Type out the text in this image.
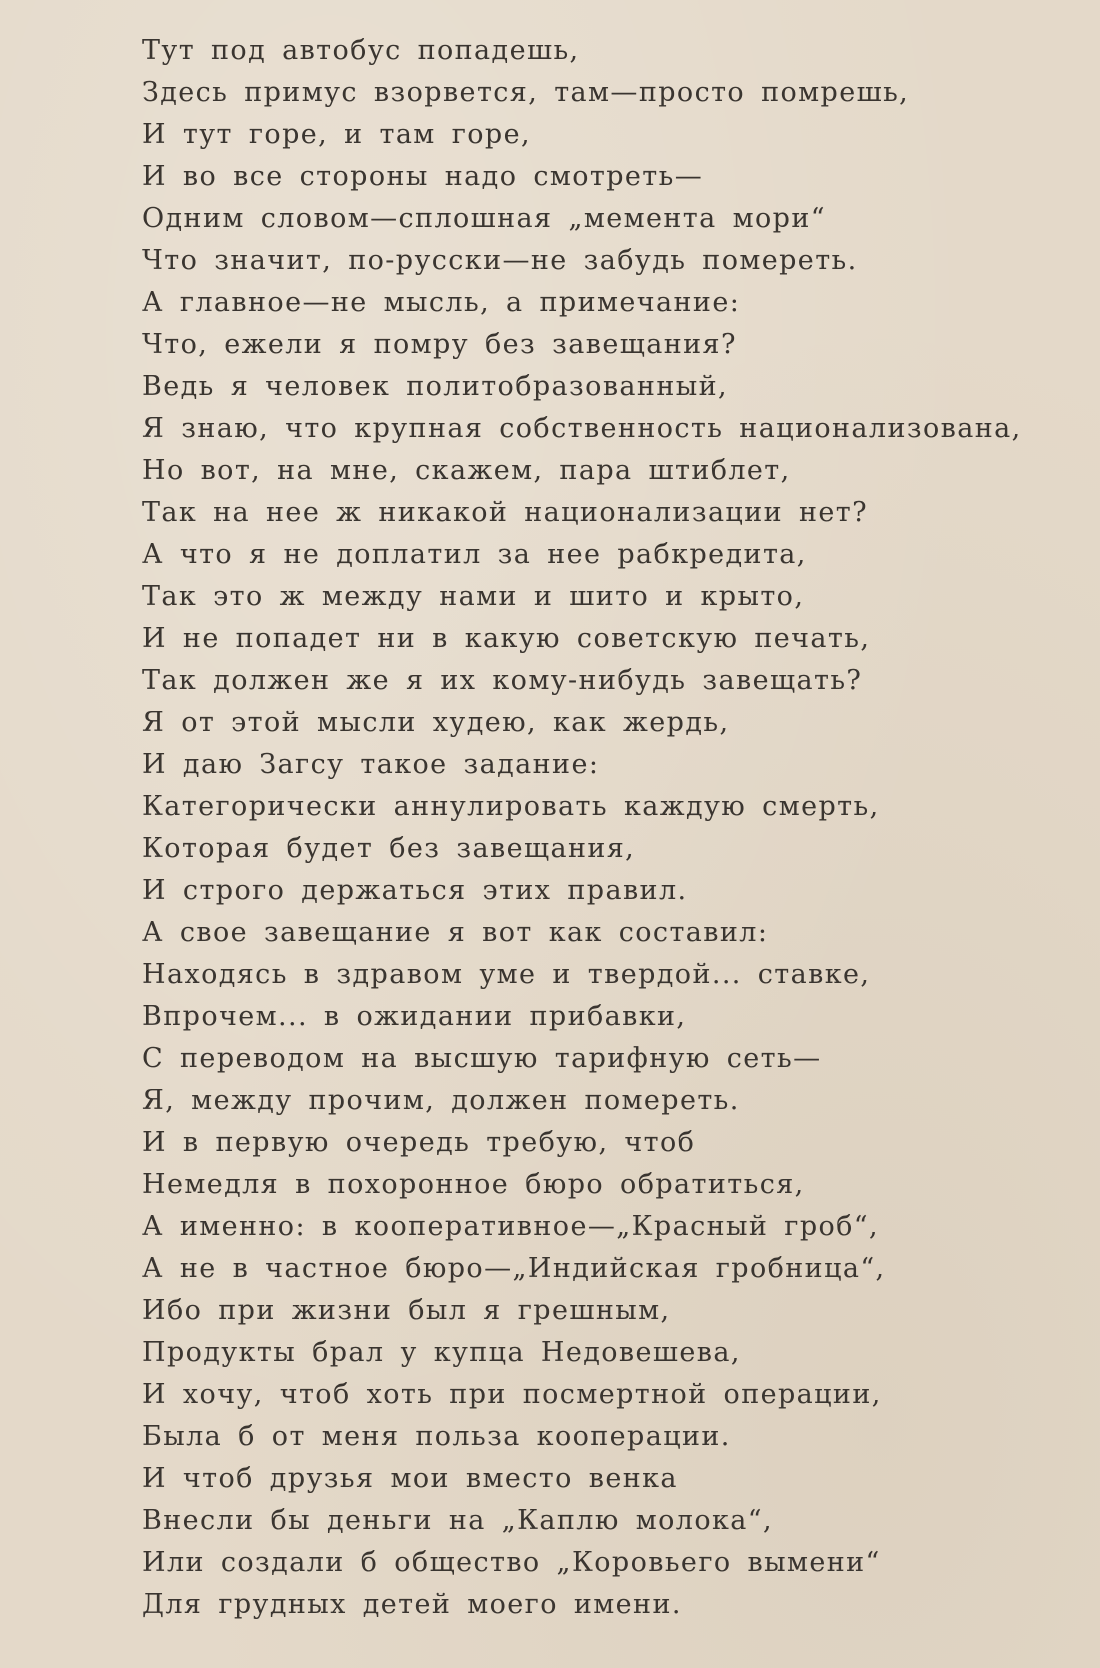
Тут под автобус попадешь,
Здесь примус взорвется, там—просто помрешь,
И тут горе, и там горе,
И во все стороны надо смотреть—
Одним словом—сплошная „мемента мори“
Что значит, по-русски—не забудь помереть.
А главное—не мысль, а примечание:
Что, ежели я помру без завещания?
Ведь я человек политобразованный,
Я знаю, что крупная собственность национализована,
Но вот, на мне, скажем, пара штиблет,
Так на нее ж никакой национализации нет?
А что я не доплатил за нее рабкредита,
Так это ж между нами и шито и крыто,
И не попадет ни в какую советскую печать,
Так должен же я их кому-нибудь завещать?
Я от этой мысли худею, как жердь,
И даю Загсу такое задание:
Категорически аннулировать каждую смерть,
Которая будет без завещания,
И строго держаться этих правил.
А свое завещание я вот как составил:
Находясь в здравом уме и твердой... ставке,
Впрочем... в ожидании прибавки,
С переводом на высшую тарифную сеть—
Я, между прочим, должен помереть.
И в первую очередь требую, чтоб
Немедля в похоронное бюро обратиться,
А именно: в кооперативное—„Красный гроб“,
А не в частное бюро—„Индийская гробница“,
Ибо при жизни был я грешным,
Продукты брал у купца Недовешева,
И хочу, чтоб хоть при посмертной операции,
Была б от меня польза кооперации.
И чтоб друзья мои вместо венка
Внесли бы деньги на „Каплю молока“,
Или создали б общество „Коровьего вымени“
Для грудных детей моего имени.
